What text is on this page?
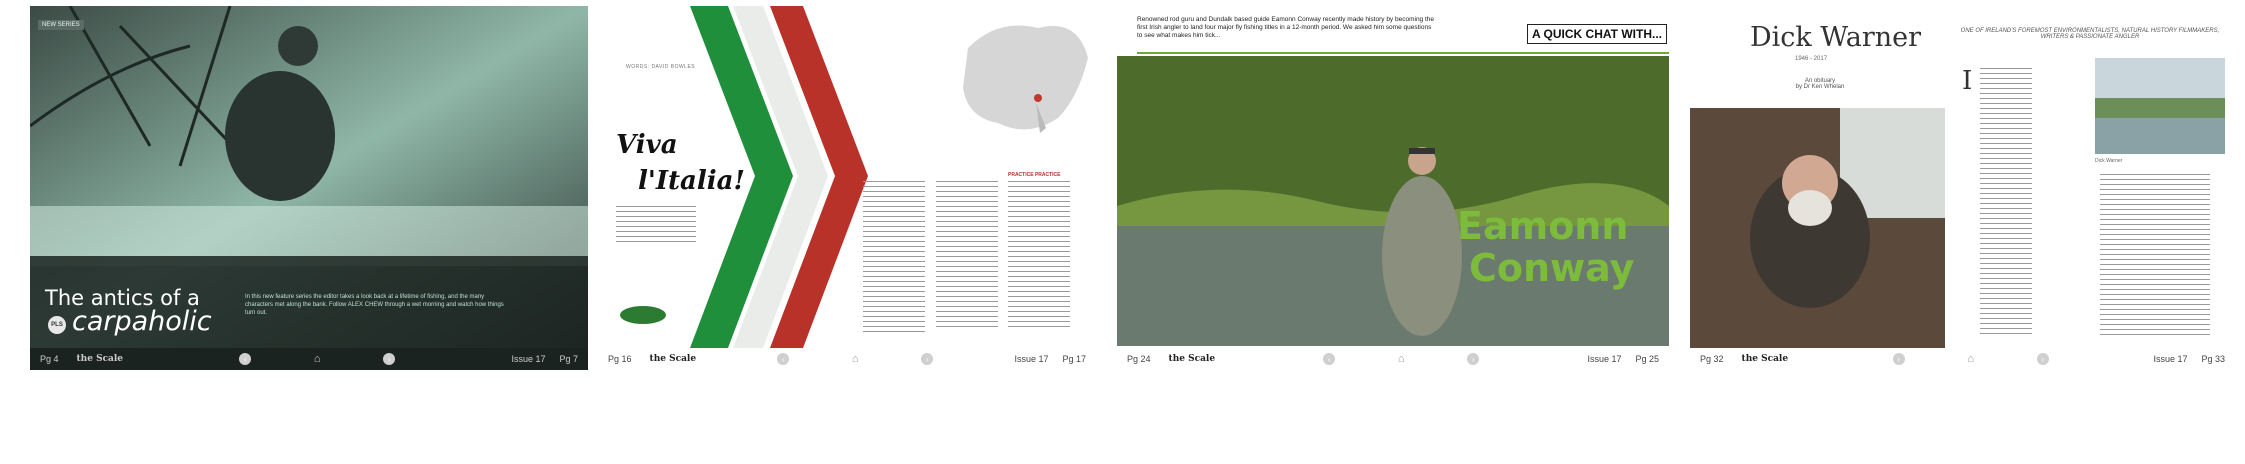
NEW SERIES
The antics of a
PLS carpaholic
In this new feature series the editor takes a look back at a lifetime of fishing, and the many characters met along the bank. Follow ALEX CHEW through a wet morning and watch how things turn out.
Pg 4 the Scale	‹	⌂	›	Issue 17 Pg 7
WORDS: DAVID BOWLES
Viva
l'Italia!	PRACTICE PRACTICE
Pg 16 the Scale	‹	⌂	›	Issue 17 Pg 17
Renowned rod guru and Dundalk based guide Eamonn Conway recently made history by becoming the first Irish angler to land four major fly fishing titles in a 12-month period. We asked him some questions to see what makes him tick...	A QUICK CHAT WITH...
Eamonn
Conway
Pg 24 the Scale	‹	⌂	›	Issue 17 Pg 25
Dick Warner
1946 - 2017
An obituary
by Dr Ken Whelan
ONE OF IRELAND'S FOREMOST ENVIRONMENTALISTS, NATURAL HISTORY FILMMAKERS, WRITERS & PASSIONATE ANGLER
I
Dick Warner
Pg 32 the Scale	‹	⌂	›	Issue 17 Pg 33
